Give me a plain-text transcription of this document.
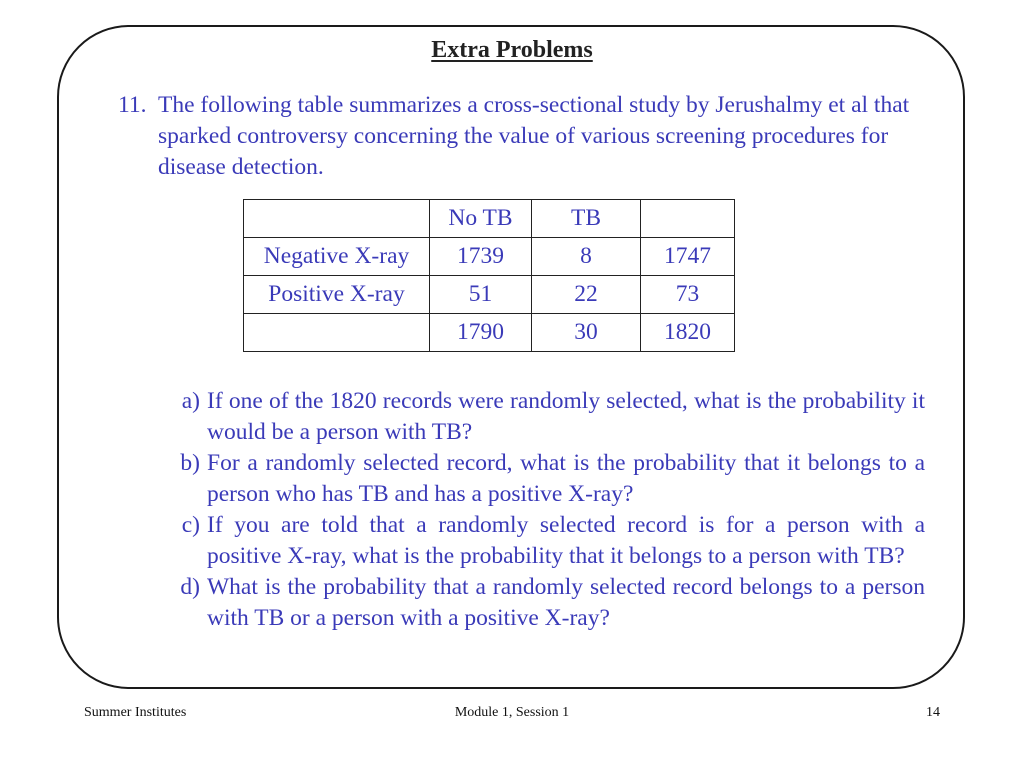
Extra Problems
11. The following table summarizes a cross-sectional study by Jerushalmy et al that sparked controversy concerning the value of various screening procedures for disease detection.
	No TB	TB	
Negative X-ray	1739	8	1747
Positive X-ray	51	22	73
	1790	30	1820
a) If one of the 1820 records were randomly selected, what is the probability it would be a person with TB?
b) For a randomly selected record, what is the probability that it belongs to a person who has TB and has a positive X-ray?
c) If you are told that a randomly selected record is for a person with a positive X-ray, what is the probability that it belongs to a person with TB?
d) What is the probability that a randomly selected record belongs to a person with TB or a person with a positive X-ray?
Summer Institutes	Module 1, Session 1	14
